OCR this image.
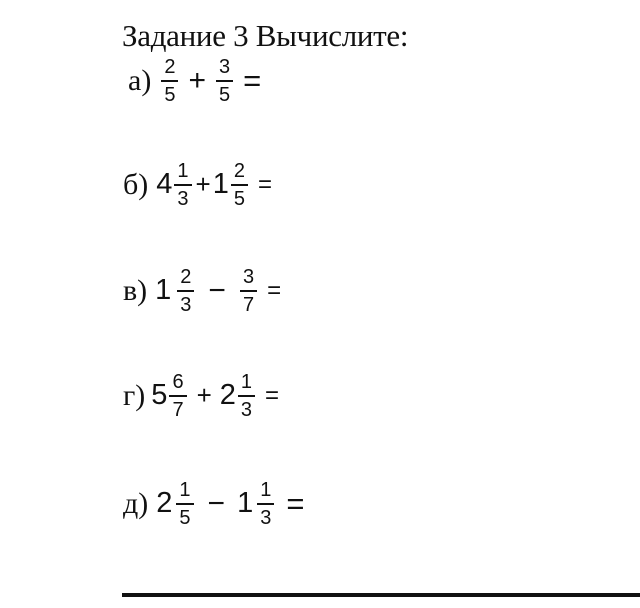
Задание 3 Вычислите:
$а) \frac{2}{5} + \frac{3}{5}$ =
б) $4 \frac{1}{3} + 1 \frac{2}{5}$ =
в) $1 \frac{2}{3} - \frac{3}{7}$ =
г) $5 \frac{6}{7} + 2 \frac{1}{3}$ =
д) $2 \frac{1}{5} - 1 \frac{1}{3}$ =
